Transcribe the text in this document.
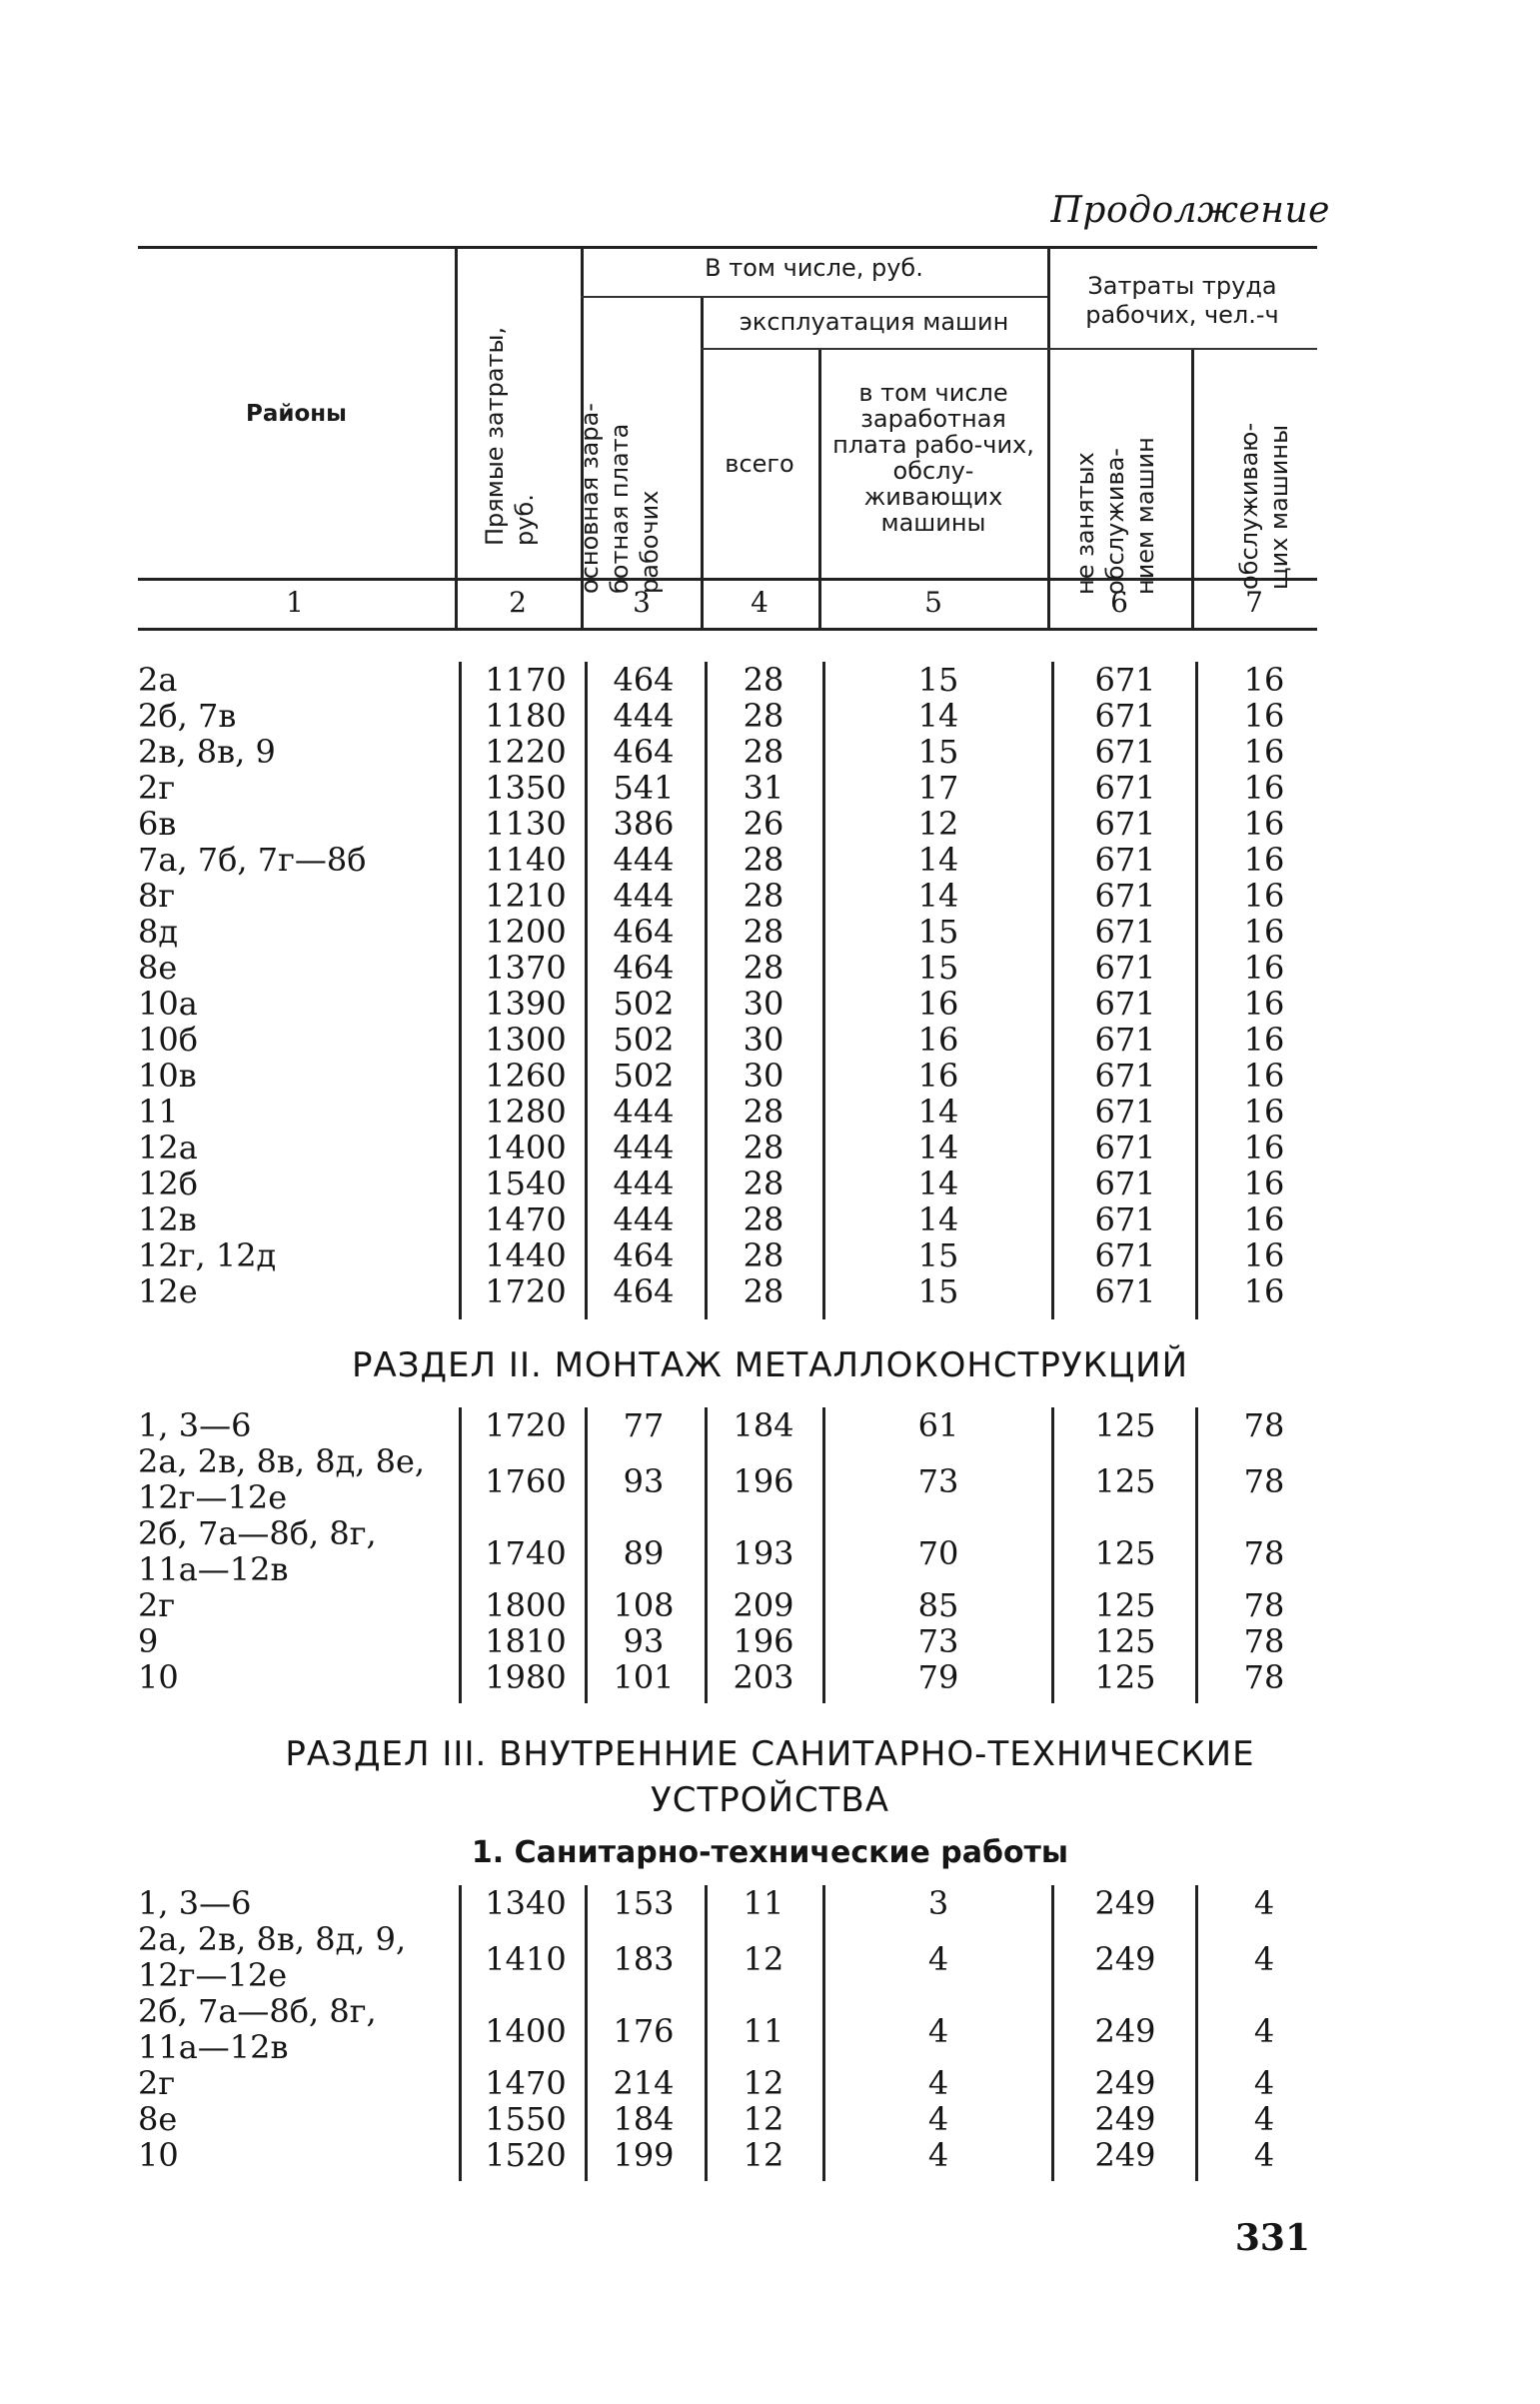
Продолжение
Районы
Прямые затраты,
руб.
В том числе, руб.
основная зара-
ботная плата
рабочих
эксплуатация машин
всего
в том числе заработная плата рабо-чих, обслу-живающих машины
Затраты труда рабочих, чел.-ч
не занятых
обслужива-
нием машин	обслуживаю-
щих машины
1	2	3	4	5	6	7
2а	1170	464	28	15	671	16
2б, 7в	1180	444	28	14	671	16
2в, 8в, 9	1220	464	28	15	671	16
2г	1350	541	31	17	671	16
6в	1130	386	26	12	671	16
7а, 7б, 7г—8б	1140	444	28	14	671	16
8г	1210	444	28	14	671	16
8д	1200	464	28	15	671	16
8е	1370	464	28	15	671	16
10а	1390	502	30	16	671	16
10б	1300	502	30	16	671	16
10в	1260	502	30	16	671	16
11	1280	444	28	14	671	16
12а	1400	444	28	14	671	16
12б	1540	444	28	14	671	16
12в	1470	444	28	14	671	16
12г, 12д	1440	464	28	15	671	16
12е	1720	464	28	15	671	16
РАЗДЕЛ II. МОНТАЖ МЕТАЛЛОКОНСТРУКЦИЙ
1, 3—6	1720	77	184	61	125	78
2а, 2в, 8в, 8д, 8е,
12г—12е	1760	93	196	73	125	78
2б, 7а—8б, 8г,
11а—12в	1740	89	193	70	125	78
2г	1800	108	209	85	125	78
9	1810	93	196	73	125	78
10	1980	101	203	79	125	78
РАЗДЕЛ III. ВНУТРЕННИЕ САНИТАРНО-ТЕХНИЧЕСКИЕ
УСТРОЙСТВА
1. Санитарно-технические работы
1, 3—6	1340	153	11	3	249	4
2а, 2в, 8в, 8д, 9,
12г—12е	1410	183	12	4	249	4
2б, 7а—8б, 8г,
11а—12в	1400	176	11	4	249	4
2г	1470	214	12	4	249	4
8е	1550	184	12	4	249	4
10	1520	199	12	4	249	4
331
